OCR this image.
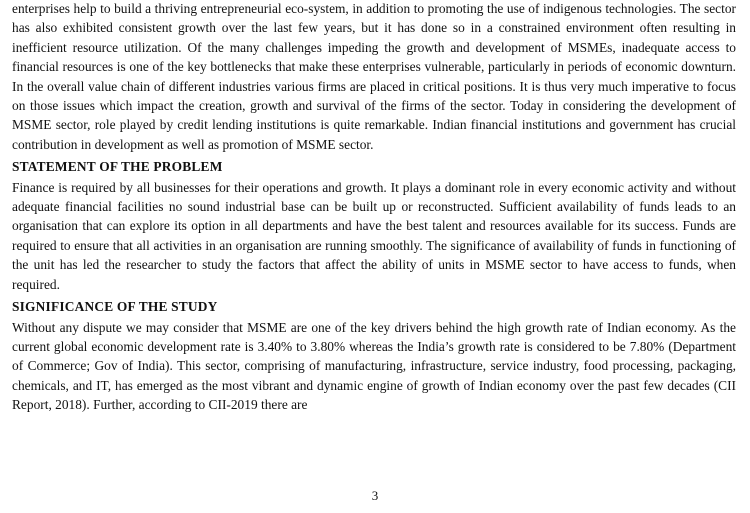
enterprises help to build a thriving entrepreneurial eco-system, in addition to promoting the use of indigenous technologies. The sector has also exhibited consistent growth over the last few years, but it has done so in a constrained environment often resulting in inefficient resource utilization. Of the many challenges impeding the growth and development of MSMEs, inadequate access to financial resources is one of the key bottlenecks that make these enterprises vulnerable, particularly in periods of economic downturn. In the overall value chain of different industries various firms are placed in critical positions. It is thus very much imperative to focus on those issues which impact the creation, growth and survival of the firms of the sector. Today in considering the development of MSME sector, role played by credit lending institutions is quite remarkable. Indian financial institutions and government has crucial contribution in development as well as promotion of MSME sector.

STATEMENT OF THE PROBLEM

Finance is required by all businesses for their operations and growth. It plays a dominant role in every economic activity and without adequate financial facilities no sound industrial base can be built up or reconstructed. Sufficient availability of funds leads to an organisation that can explore its option in all departments and have the best talent and resources available for its success. Funds are required to ensure that all activities in an organisation are running smoothly. The significance of availability of funds in functioning of the unit has led the researcher to study the factors that affect the ability of units in MSME sector to have access to funds, when required.

SIGNIFICANCE OF THE STUDY

Without any dispute we may consider that MSME are one of the key drivers behind the high growth rate of Indian economy. As the current global economic development rate is 3.40% to 3.80% whereas the India’s growth rate is considered to be 7.80% (Department of Commerce; Gov of India). This sector, comprising of manufacturing, infrastructure, service industry, food processing, packaging, chemicals, and IT, has emerged as the most vibrant and dynamic engine of growth of Indian economy over the past few decades (CII Report, 2018). Further, according to CII-2019 there are

3
